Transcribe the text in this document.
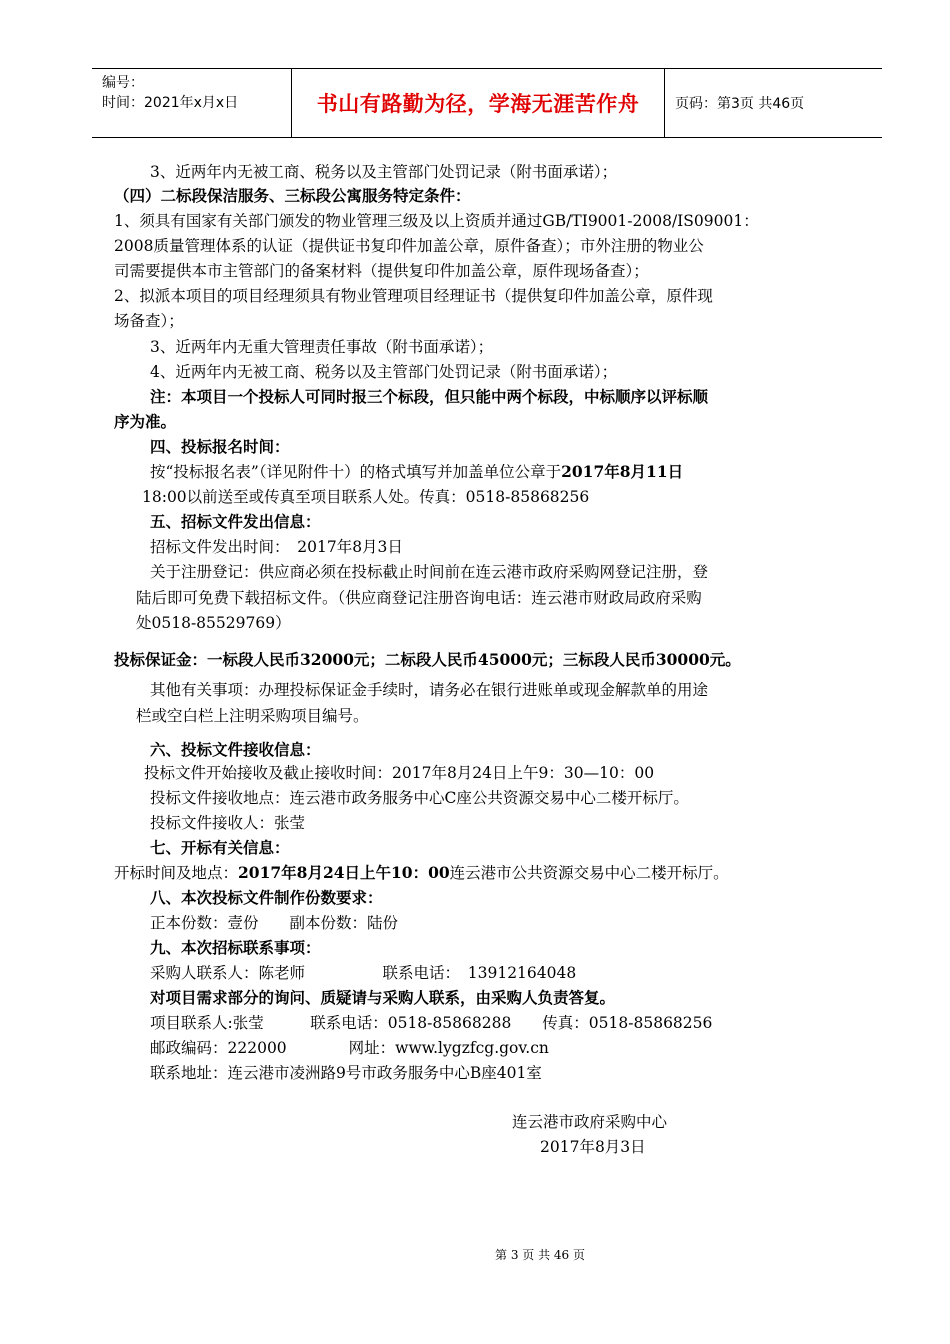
编号：
时间：2021年x月x日	书山有路勤为径，学海无涯苦作舟	页码：第3页 共46页
3、近两年内无被工商、税务以及主管部门处罚记录（附书面承诺）；
（四）二标段保洁服务、三标段公寓服务特定条件：
1、须具有国家有关部门颁发的物业管理三级及以上资质并通过GB/TI9001-2008/IS09001：
2008质量管理体系的认证（提供证书复印件加盖公章，原件备查）；市外注册的物业公
司需要提供本市主管部门的备案材料（提供复印件加盖公章，原件现场备查）；
2、拟派本项目的项目经理须具有物业管理项目经理证书（提供复印件加盖公章，原件现
场备查）；
3、近两年内无重大管理责任事故（附书面承诺）；
4、近两年内无被工商、税务以及主管部门处罚记录（附书面承诺）；
注：本项目一个投标人可同时报三个标段，但只能中两个标段，中标顺序以评标顺
序为准。
四、投标报名时间：
按“投标报名表”（详见附件十）的格式填写并加盖单位公章于2017年8月11日
18:00以前送至或传真至项目联系人处。传真：0518-85868256
五、招标文件发出信息：
招标文件发出时间：　2017年8月3日
关于注册登记：供应商必须在投标截止时间前在连云港市政府采购网登记注册，登
陆后即可免费下载招标文件。（供应商登记注册咨询电话：连云港市财政局政府采购
处0518-85529769）
投标保证金：一标段人民币32000元；二标段人民币45000元；三标段人民币30000元。
其他有关事项：办理投标保证金手续时，请务必在银行进账单或现金解款单的用途
栏或空白栏上注明采购项目编号。
六、投标文件接收信息：
投标文件开始接收及截止接收时间：2017年8月24日上午9：30—10：00
投标文件接收地点：连云港市政务服务中心C座公共资源交易中心二楼开标厅。
投标文件接收人：张莹
七、开标有关信息：
开标时间及地点：2017年8月24日上午10：00连云港市公共资源交易中心二楼开标厅。
八、本次投标文件制作份数要求：
正本份数：壹份　　副本份数：陆份
九、本次招标联系事项：
采购人联系人：陈老师　　　　　联系电话：　13912164048
对项目需求部分的询问、质疑请与采购人联系，由采购人负责答复。
项目联系人:张莹　　　联系电话：0518-85868288　　传真：0518-85868256
邮政编码：222000　　　　网址：www.lygzfcg.gov.cn
联系地址：连云港市凌洲路9号市政务服务中心B座401室
连云港市政府采购中心
2017年8月3日
第 3 页 共 46 页
